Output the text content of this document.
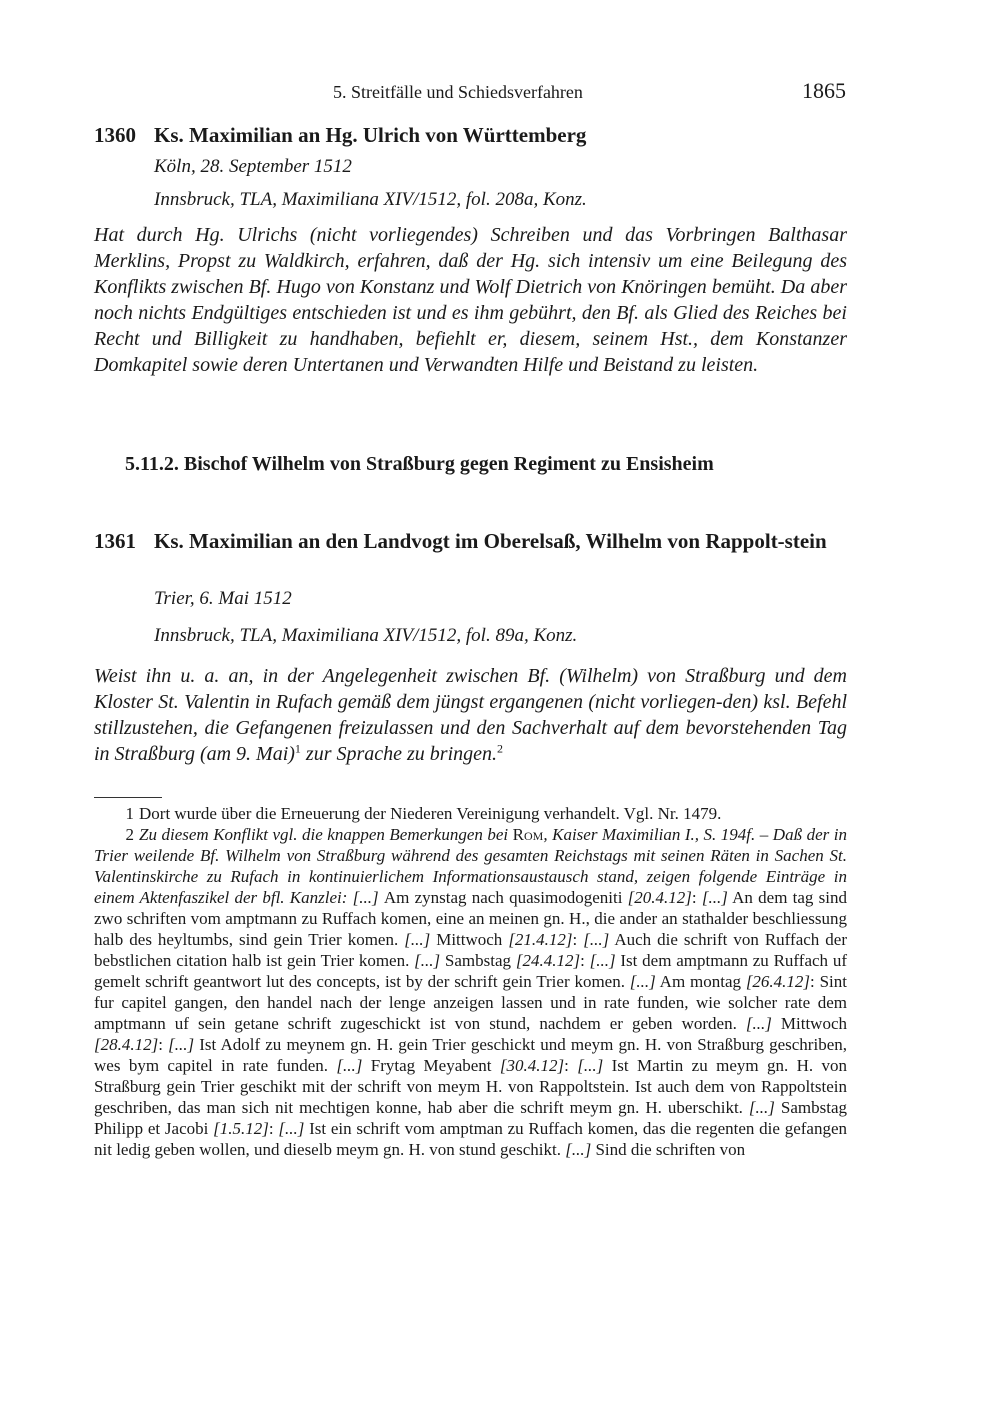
5. Streitfälle und Schiedsverfahren	1865
1360 Ks. Maximilian an Hg. Ulrich von Württemberg
Köln, 28. September 1512
Innsbruck, TLA, Maximiliana XIV/1512, fol. 208a, Konz.
Hat durch Hg. Ulrichs (nicht vorliegendes) Schreiben und das Vorbringen Balthasar Merklins, Propst zu Waldkirch, erfahren, daß der Hg. sich intensiv um eine Beilegung des Konflikts zwischen Bf. Hugo von Konstanz und Wolf Dietrich von Knöringen bemüht. Da aber noch nichts Endgültiges entschieden ist und es ihm gebührt, den Bf. als Glied des Reiches bei Recht und Billigkeit zu handhaben, befiehlt er, diesem, seinem Hst., dem Konstanzer Domkapitel sowie deren Untertanen und Verwandten Hilfe und Beistand zu leisten.
5.11.2. Bischof Wilhelm von Straßburg gegen Regiment zu Ensisheim
1361 Ks. Maximilian an den Landvogt im Oberelsaß, Wilhelm von Rappolt-stein
Trier, 6. Mai 1512
Innsbruck, TLA, Maximiliana XIV/1512, fol. 89a, Konz.
Weist ihn u. a. an, in der Angelegenheit zwischen Bf. (Wilhelm) von Straßburg und dem Kloster St. Valentin in Rufach gemäß dem jüngst ergangenen (nicht vorliegen-den) ksl. Befehl stillzustehen, die Gefangenen freizulassen und den Sachverhalt auf dem bevorstehenden Tag in Straßburg (am 9. Mai)$^1$ zur Sprache zu bringen.$^2$
1 Dort wurde über die Erneuerung der Niederen Vereinigung verhandelt. Vgl. Nr. 1479.
2 Zu diesem Konflikt vgl. die knappen Bemerkungen bei Rom, Kaiser Maximilian I., S. 194f. – Daß der in Trier weilende Bf. Wilhelm von Straßburg während des gesamten Reichstags mit seinen Räten in Sachen St. Valentinskirche zu Rufach in kontinuierlichem Informationsaustausch stand, zeigen folgende Einträge in einem Aktenfaszikel der bfl. Kanzlei: [...] Am zynstag nach quasimodogeniti [20.4.12]: [...] An dem tag sind zwo schriften vom amptmann zu Ruffach komen, eine an meinen gn. H., die ander an stathalder beschliessung halb des heyltumbs, sind gein Trier komen. [...] Mittwoch [21.4.12]: [...] Auch die schrift von Ruffach der bebstlichen citation halb ist gein Trier komen. [...] Sambstag [24.4.12]: [...] Ist dem amptmann zu Ruffach uf gemelt schrift geantwort lut des concepts, ist by der schrift gein Trier komen. [...] Am montag [26.4.12]: Sint fur capitel gangen, den handel nach der lenge anzeigen lassen und in rate funden, wie solcher rate dem amptmann uf sein getane schrift zugeschickt ist von stund, nachdem er geben worden. [...] Mittwoch [28.4.12]: [...] Ist Adolf zu meynem gn. H. gein Trier geschickt und meym gn. H. von Straßburg geschriben, wes bym capitel in rate funden. [...] Frytag Meyabent [30.4.12]: [...] Ist Martin zu meym gn. H. von Straßburg gein Trier geschikt mit der schrift von meym H. von Rappoltstein. Ist auch dem von Rappoltstein geschriben, das man sich nit mechtigen konne, hab aber die schrift meym gn. H. uberschikt. [...] Sambstag Philipp et Jacobi [1.5.12]: [...] Ist ein schrift vom amptman zu Ruffach komen, das die regenten die gefangen nit ledig geben wollen, und dieselb meym gn. H. von stund geschikt. [...] Sind die schriften von
